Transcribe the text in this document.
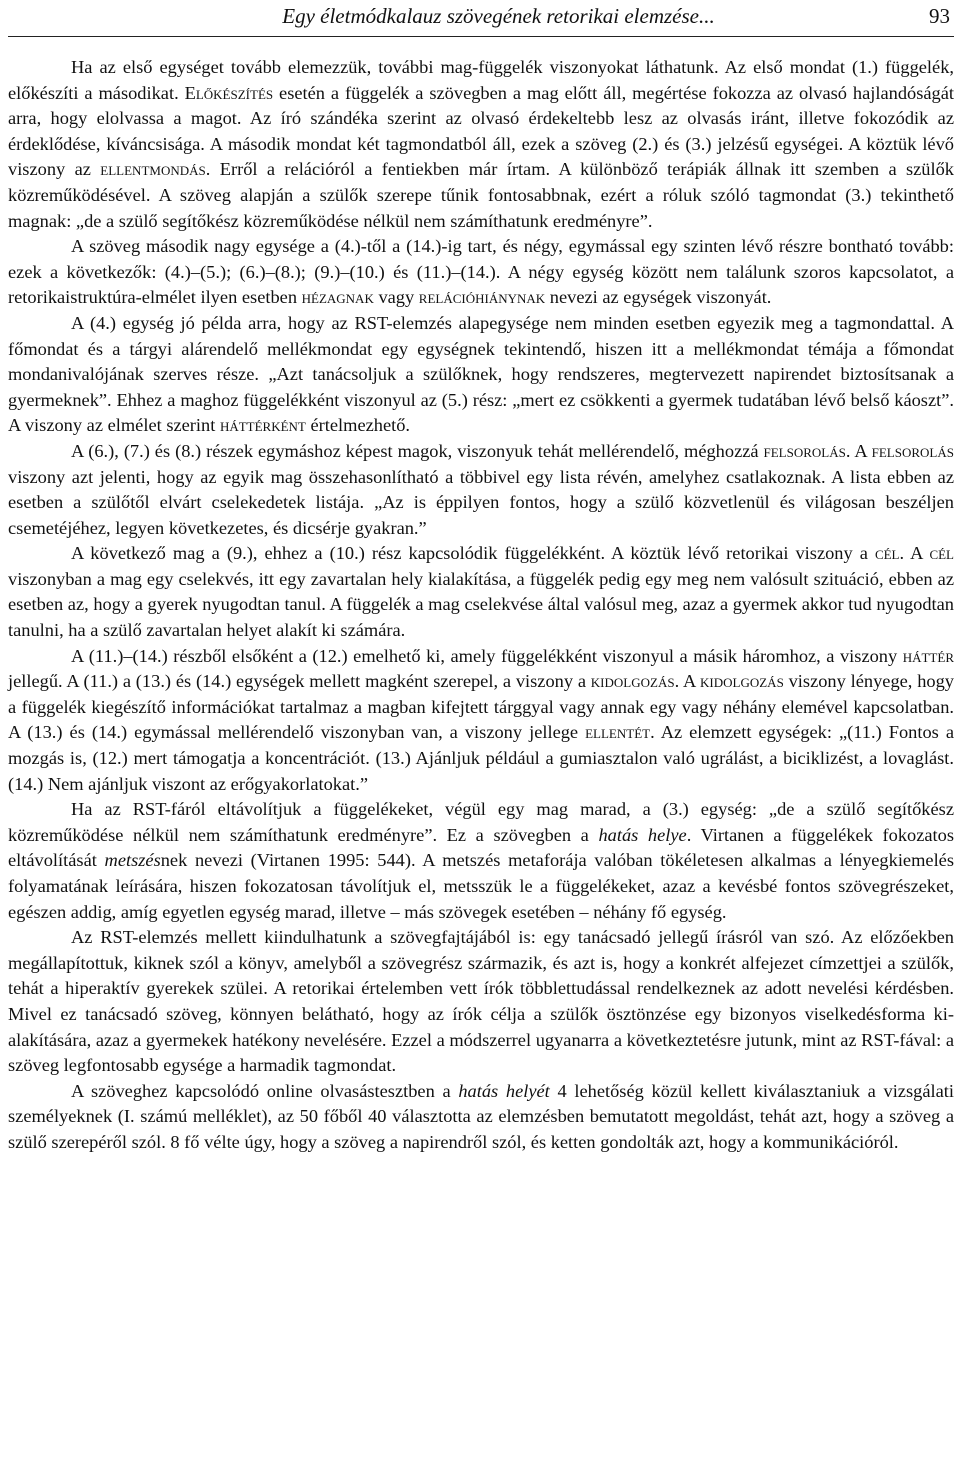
Egy életmódkalauz szövegének retorikai elemzése...	93

Ha az első egységet tovább elemezzük, további mag-függelék viszonyokat láthatunk. Az első mondat (1.) függelék, előkészíti a másodikat. Előkészítés esetén a függelék a szövegben a mag előtt áll, megértése fokozza az olvasó hajlandóságát arra, hogy elolvassa a magot. Az író szándéka szerint az olvasó érdekeltebb lesz az olvasás iránt, illetve fokozódik az érdeklődése, kíváncsisága. A második mondat két tagmondatból áll, ezek a szöveg (2.) és (3.) jelzésű egységei. A köztük lévő viszony az ellentmondás. Erről a relációról a fentiekben már írtam. A különböző terápiák állnak itt szemben a szülők közreműködésével. A szöveg alapján a szülők szerepe tűnik fontosabbnak, ezért a róluk szóló tagmondat (3.) tekinthető magnak: „de a szülő segítőkész közreműködése nélkül nem számíthatunk eredményre”.

A szöveg második nagy egysége a (4.)-től a (14.)-ig tart, és négy, egymással egy szinten lévő részre bontható tovább: ezek a következők: (4.)–(5.); (6.)–(8.); (9.)–(10.) és (11.)–(14.). A négy egység között nem találunk szoros kapcsolatot, a retorikaistruktúra-elmélet ilyen esetben hézagnak vagy relációhiánynak nevezi az egységek viszonyát.

A (4.) egység jó példa arra, hogy az RST-elemzés alapegysége nem minden esetben egyezik meg a tagmondattal. A főmondat és a tárgyi alárendelő mellékmondat egy egységnek tekintendő, hiszen itt a mellékmondat témája a főmondat mondanivalójának szerves része. „Azt tanácsoljuk a szülőknek, hogy rendszeres, megtervezett napirendet biztosítsanak a gyermeknek”. Ehhez a maghoz függelékként viszonyul az (5.) rész: „mert ez csökkenti a gyermek tudatában lévő belső káoszt”. A viszony az elmélet szerint háttérként értelmezhető.

A (6.), (7.) és (8.) részek egymáshoz képest magok, viszonyuk tehát mellérendelő, méghozzá felsorolás. A felsorolás viszony azt jelenti, hogy az egyik mag összehasonlítható a többivel egy lista révén, amelyhez csatlakoznak. A lista ebben az esetben a szülőtől elvárt cselekedetek listája. „Az is éppilyen fontos, hogy a szülő közvetlenül és világosan beszéljen csemetéjéhez, legyen következetes, és dicsérje gyakran.”

A következő mag a (9.), ehhez a (10.) rész kapcsolódik függelékként. A köztük lévő retorikai viszony a cél. A cél viszonyban a mag egy cselekvés, itt egy zavartalan hely kialakítása, a függelék pedig egy meg nem valósult szituáció, ebben az esetben az, hogy a gyerek nyugodtan tanul. A függelék a mag cselekvése által valósul meg, azaz a gyermek akkor tud nyugodtan tanulni, ha a szülő zavartalan helyet alakít ki számára.

A (11.)–(14.) részből elsőként a (12.) emelhető ki, amely függelékként viszonyul a másik háromhoz, a viszony háttér jellegű. A (11.) a (13.) és (14.) egységek mellett magként szerepel, a viszony a kidolgozás. A kidolgozás viszony lényege, hogy a függelék kiegészítő információkat tartalmaz a magban kifejtett tárggyal vagy annak egy vagy néhány elemével kapcsolatban. A (13.) és (14.) egymással mellérendelő viszonyban van, a viszony jellege ellentét. Az elemzett egységek: „(11.) Fontos a mozgás is, (12.) mert támogatja a koncentrációt. (13.) Ajánljuk például a gumiasztalon való ugrálást, a biciklizést, a lovaglást. (14.) Nem ajánljuk viszont az erőgyakorlatokat.”

Ha az RST-fáról eltávolítjuk a függelékeket, végül egy mag marad, a (3.) egység: „de a szülő segítőkész közreműködése nélkül nem számíthatunk eredményre”. Ez a szövegben a hatás helye. Virtanen a függelékek fokozatos eltávolítását metszésnek nevezi (Virtanen 1995: 544). A metszés metaforája valóban tökéletesen alkalmas a lényegkiemelés folyamatának leírására, hiszen fokozatosan távolítjuk el, metsszük le a függelékeket, azaz a kevésbé fontos szövegrészeket, egészen addig, amíg egyetlen egység marad, illetve – más szövegek esetében – néhány fő egység.

Az RST-elemzés mellett kiindulhatunk a szövegfajtájából is: egy tanácsadó jellegű írásról van szó. Az előzőekben megállapítottuk, kiknek szól a könyv, amelyből a szövegrész származik, és azt is, hogy a konkrét alfejezet címzettjei a szülők, tehát a hiperaktív gyerekek szülei. A retorikai értelemben vett írók többlettudással rendelkeznek az adott nevelési kérdésben. Mivel ez tanácsadó szöveg, könnyen belátható, hogy az írók célja a szülők ösztönzése egy bizonyos viselkedésforma kialakítására, azaz a gyermekek hatékony nevelésére. Ezzel a módszerrel ugyanarra a következtetésre jutunk, mint az RST-fával: a szöveg legfontosabb egysége a harmadik tagmondat.

A szöveghez kapcsolódó online olvasástesztben a hatás helyét 4 lehetőség közül kellett kiválasztaniuk a vizsgálati személyeknek (I. számú melléklet), az 50 főből 40 választotta az elemzésben bemutatott megoldást, tehát azt, hogy a szöveg a szülő szerepéről szól. 8 fő vélte úgy, hogy a szöveg a napirendről szól, és ketten gondolták azt, hogy a kommunikációról.
